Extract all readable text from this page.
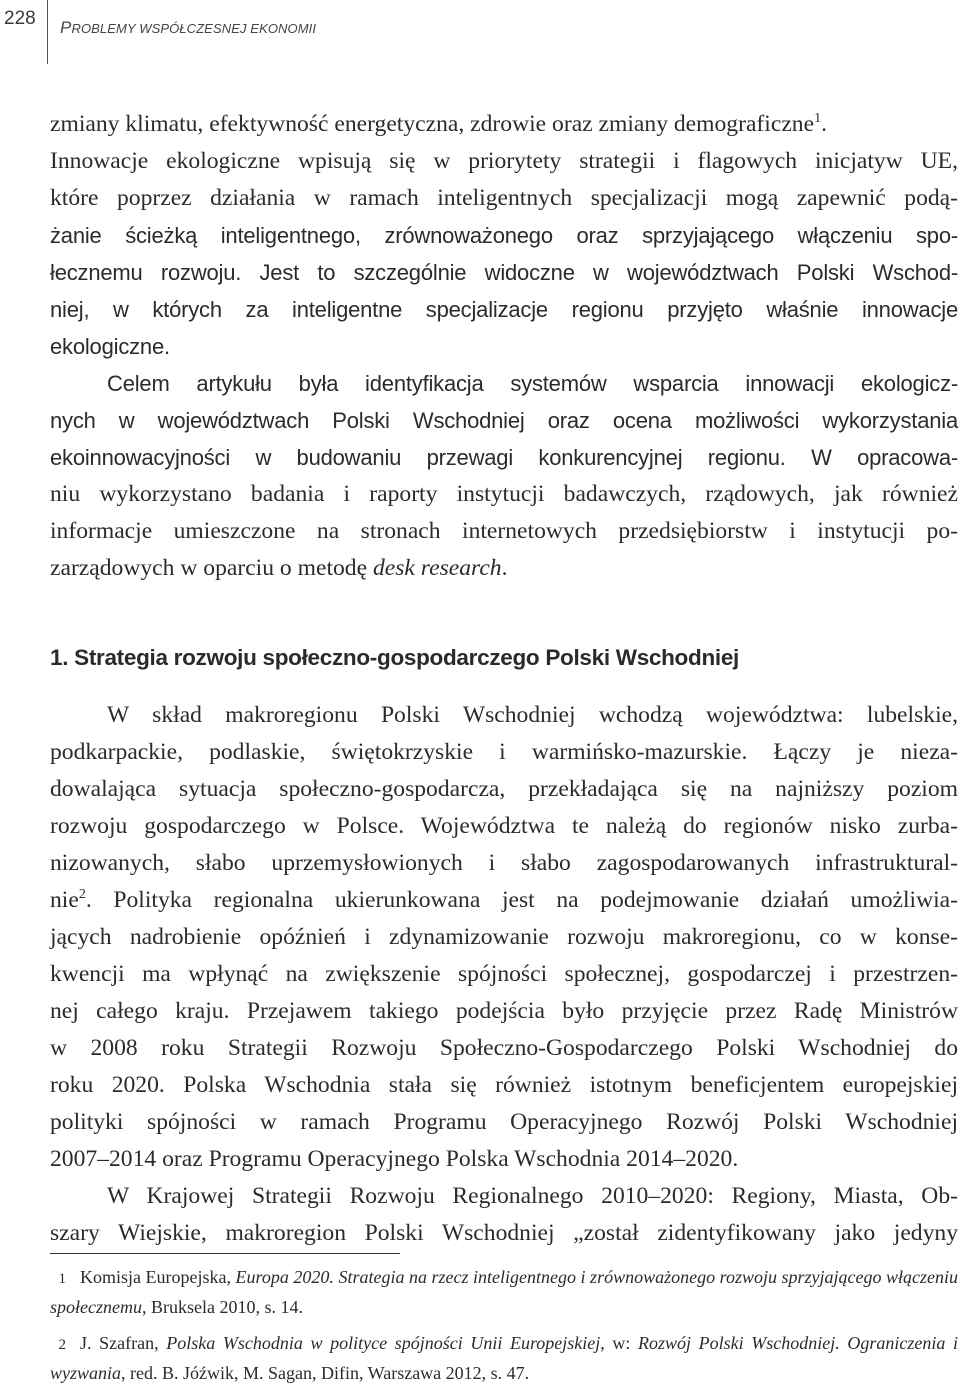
228	PROBLEMY WSPÓŁCZESNEJ EKONOMII
zmiany klimatu, efektywność energetyczna, zdrowie oraz zmiany demograficzne$^1$.
Innowacje ekologiczne wpisują się w priorytety strategii i flagowych inicjatyw UE,
które poprzez działania w ramach inteligentnych specjalizacji mogą zapewnić podą-
żanie ścieżką inteligentnego, zrównoważonego oraz sprzyjającego włączeniu spo-
łecznemu rozwoju. Jest to szczególnie widoczne w województwach Polski Wschod-
niej, w których za inteligentne specjalizacje regionu przyjęto właśnie innowacje
ekologiczne.
Celem artykułu była identyfikacja systemów wsparcia innowacji ekologicz-
nych w województwach Polski Wschodniej oraz ocena możliwości wykorzystania
ekoinnowacyjności w budowaniu przewagi konkurencyjnej regionu. W opracowa-
niu wykorzystano badania i raporty instytucji badawczych, rządowych, jak również
informacje umieszczone na stronach internetowych przedsiębiorstw i instytucji po-
zarządowych w oparciu o metodę desk research.
1. Strategia rozwoju społeczno-gospodarczego Polski Wschodniej
W skład makroregionu Polski Wschodniej wchodzą województwa: lubelskie,
podkarpackie, podlaskie, świętokrzyskie i warmińsko-mazurskie. Łączy je nieza-
dowalająca sytuacja społeczno-gospodarcza, przekładająca się na najniższy poziom
rozwoju gospodarczego w Polsce. Województwa te należą do regionów nisko zurba-
nizowanych, słabo uprzemysłowionych i słabo zagospodarowanych infrastruktural-
nie$^2$. Polityka regionalna ukierunkowana jest na podejmowanie działań umożliwia-
jących nadrobienie opóźnień i zdynamizowanie rozwoju makroregionu, co w konse-
kwencji ma wpłynąć na zwiększenie spójności społecznej, gospodarczej i przestrzen-
nej całego kraju. Przejawem takiego podejścia było przyjęcie przez Radę Ministrów
w 2008 roku Strategii Rozwoju Społeczno-Gospodarczego Polski Wschodniej do
roku 2020. Polska Wschodnia stała się również istotnym beneficjentem europejskiej
polityki spójności w ramach Programu Operacyjnego Rozwój Polski Wschodniej
2007–2014 oraz Programu Operacyjnego Polska Wschodnia 2014–2020.
W Krajowej Strategii Rozwoju Regionalnego 2010–2020: Regiony, Miasta, Ob-
szary Wiejskie, makroregion Polski Wschodniej „został zidentyfikowany jako jedyny
1 Komisja Europejska, Europa 2020. Strategia na rzecz inteligentnego i zrównoważonego rozwoju sprzyjającego włączeniu społecznemu, Bruksela 2010, s. 14.
2 J. Szafran, Polska Wschodnia w polityce spójności Unii Europejskiej, w: Rozwój Polski Wschodniej. Ograniczenia i wyzwania, red. B. Jóźwik, M. Sagan, Difin, Warszawa 2012, s. 47.
